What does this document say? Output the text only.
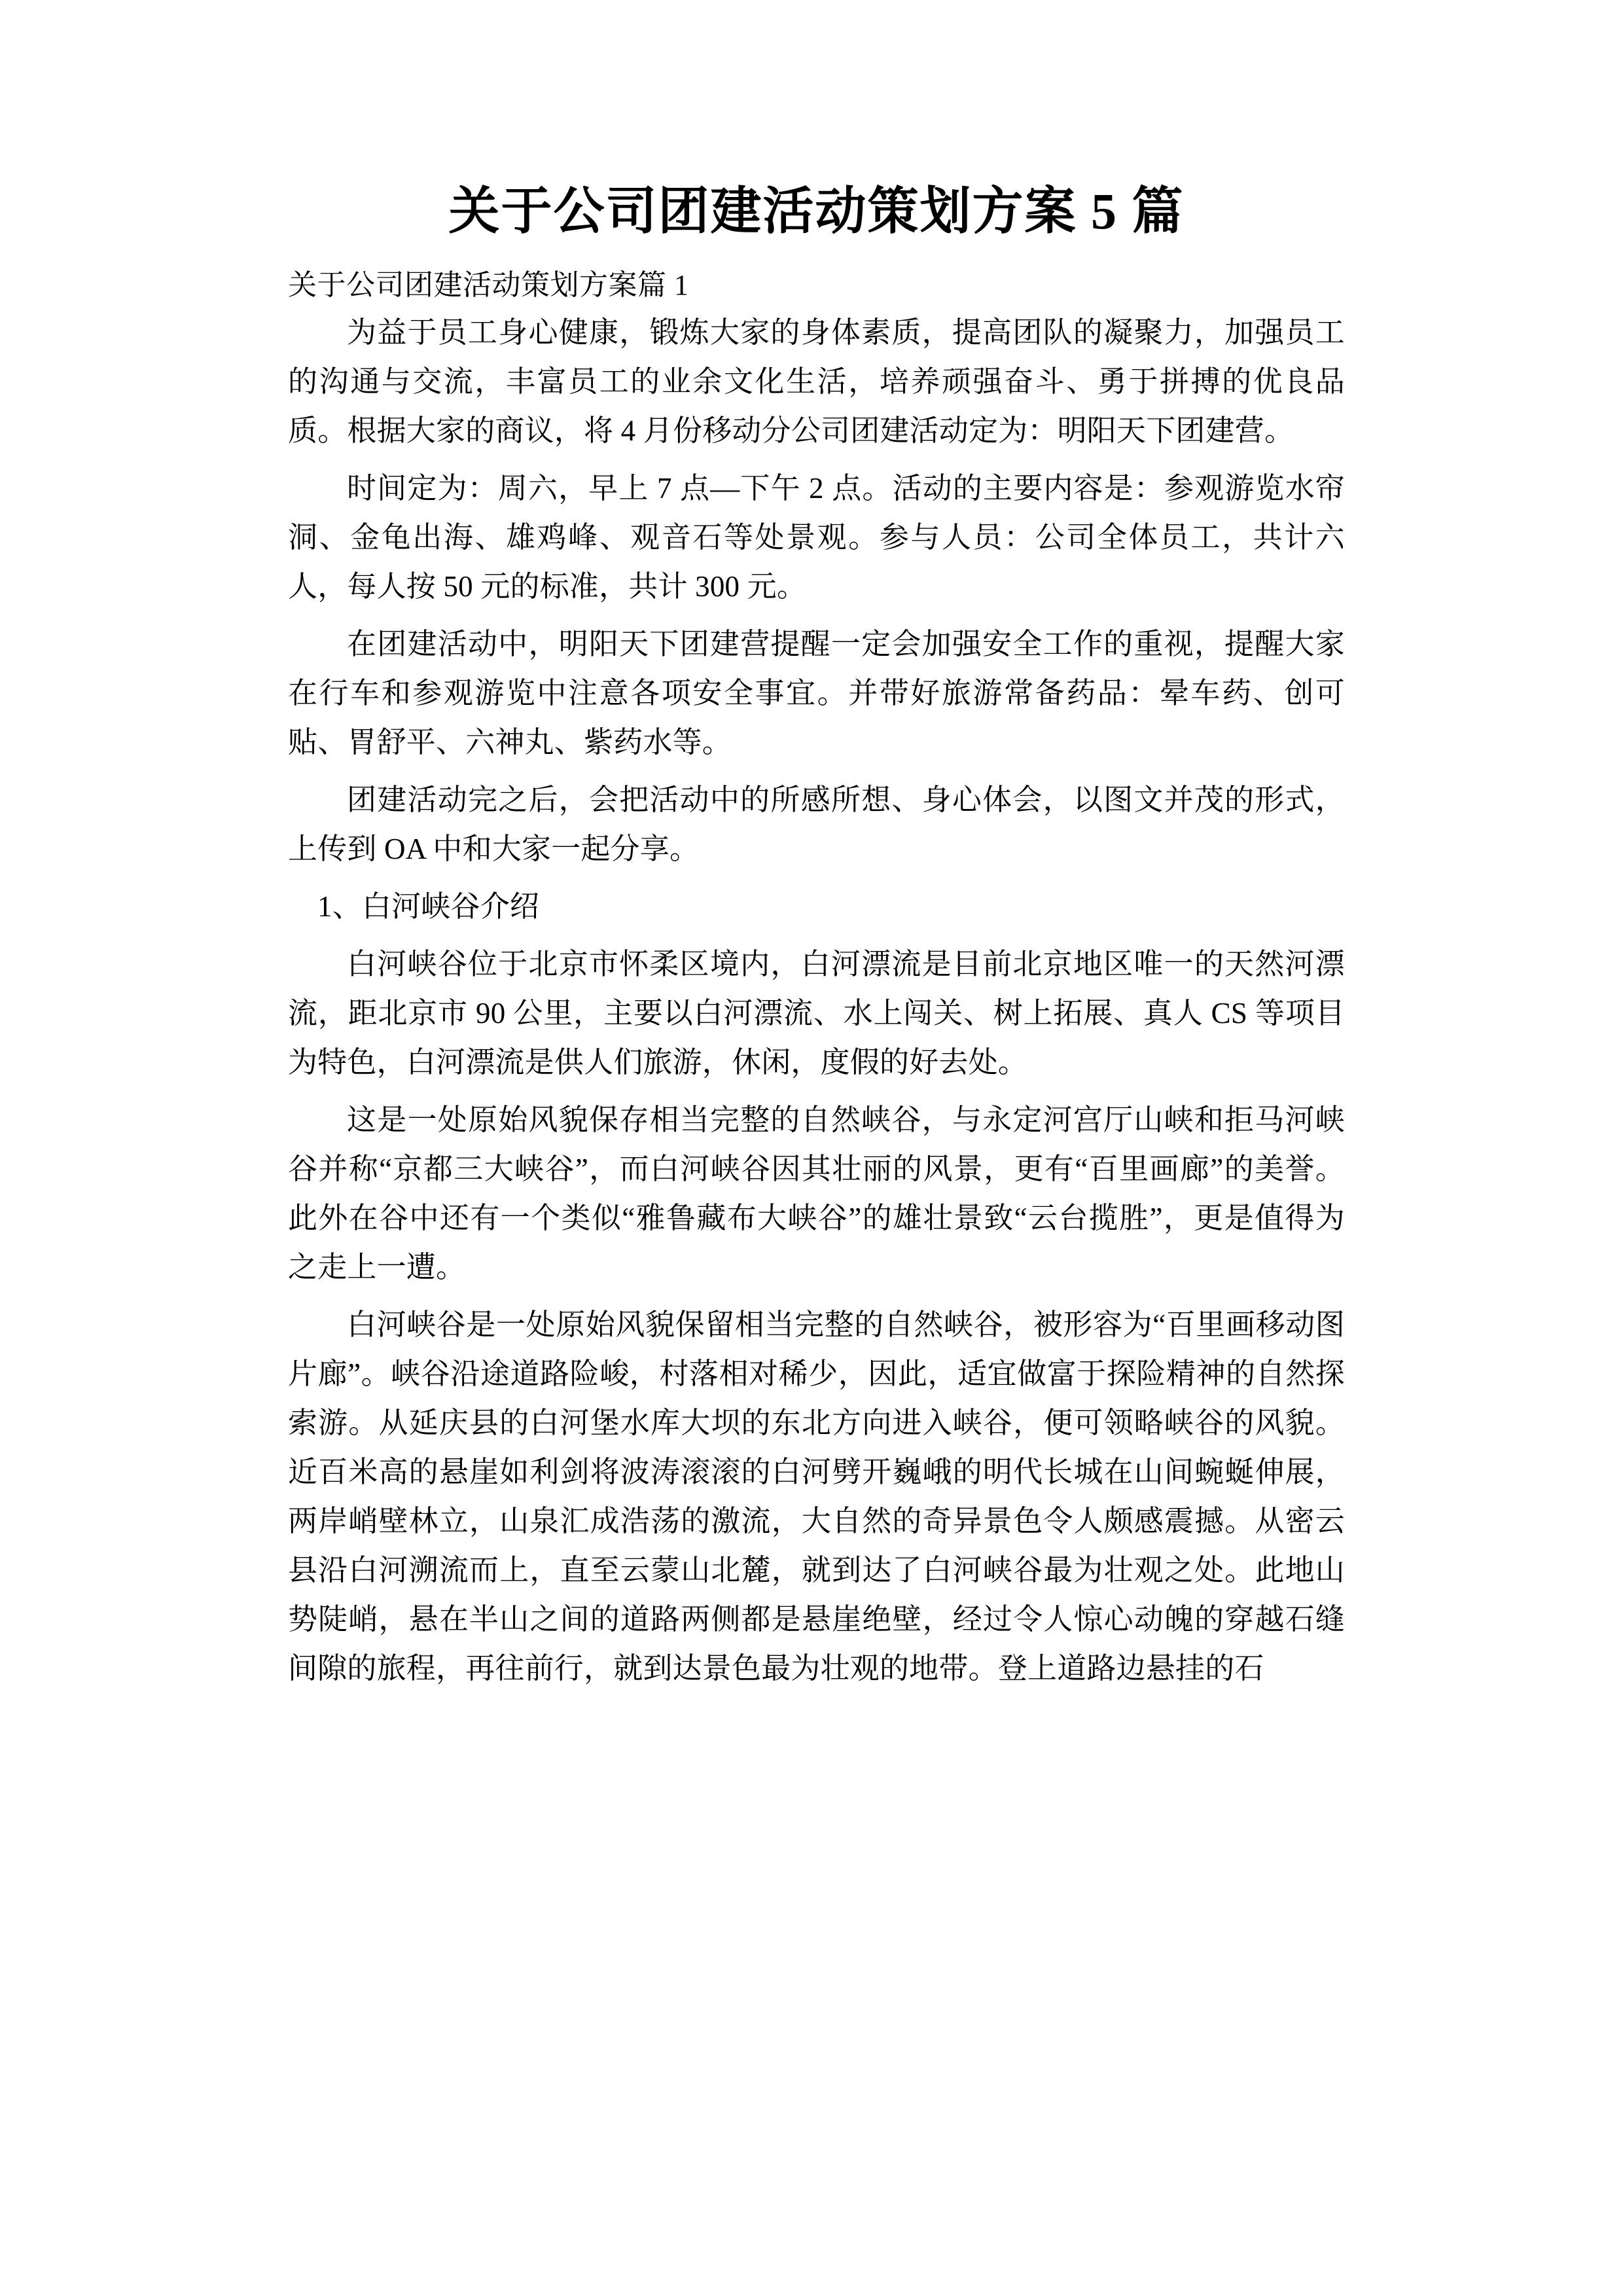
关于公司团建活动策划方案 5 篇

关于公司团建活动策划方案篇 1

为益于员工身心健康，锻炼大家的身体素质，提高团队的凝聚力，加强员工的沟通与交流，丰富员工的业余文化生活，培养顽强奋斗、勇于拼搏的优良品质。根据大家的商议，将 4 月份移动分公司团建活动定为：明阳天下团建营。

时间定为：周六，早上 7 点—下午 2 点。活动的主要内容是：参观游览水帘洞、金龟出海、雄鸡峰、观音石等处景观。参与人员：公司全体员工，共计六人，每人按 50 元的标准，共计 300 元。

在团建活动中，明阳天下团建营提醒一定会加强安全工作的重视，提醒大家在行车和参观游览中注意各项安全事宜。并带好旅游常备药品：晕车药、创可贴、胃舒平、六神丸、紫药水等。

团建活动完之后，会把活动中的所感所想、身心体会，以图文并茂的形式，上传到 OA 中和大家一起分享。

1、白河峡谷介绍

白河峡谷位于北京市怀柔区境内，白河漂流是目前北京地区唯一的天然河漂流，距北京市 90 公里，主要以白河漂流、水上闯关、树上拓展、真人 CS 等项目为特色，白河漂流是供人们旅游，休闲，度假的好去处。

这是一处原始风貌保存相当完整的自然峡谷，与永定河宫厅山峡和拒马河峡谷并称“京都三大峡谷”，而白河峡谷因其壮丽的风景，更有“百里画廊”的美誉。此外在谷中还有一个类似“雅鲁藏布大峡谷”的雄壮景致“云台揽胜”，更是值得为之走上一遭。

白河峡谷是一处原始风貌保留相当完整的自然峡谷，被形容为“百里画移动图片廊”。峡谷沿途道路险峻，村落相对稀少，因此，适宜做富于探险精神的自然探索游。从延庆县的白河堡水库大坝的东北方向进入峡谷，便可领略峡谷的风貌。近百米高的悬崖如利剑将波涛滚滚的白河劈开巍峨的明代长城在山间蜿蜒伸展，两岸峭壁林立，山泉汇成浩荡的激流，大自然的奇异景色令人颇感震撼。从密云县沿白河溯流而上，直至云蒙山北麓，就到达了白河峡谷最为壮观之处。此地山势陡峭，悬在半山之间的道路两侧都是悬崖绝壁，经过令人惊心动魄的穿越石缝间隙的旅程，再往前行，就到达景色最为壮观的地带。登上道路边悬挂的石
